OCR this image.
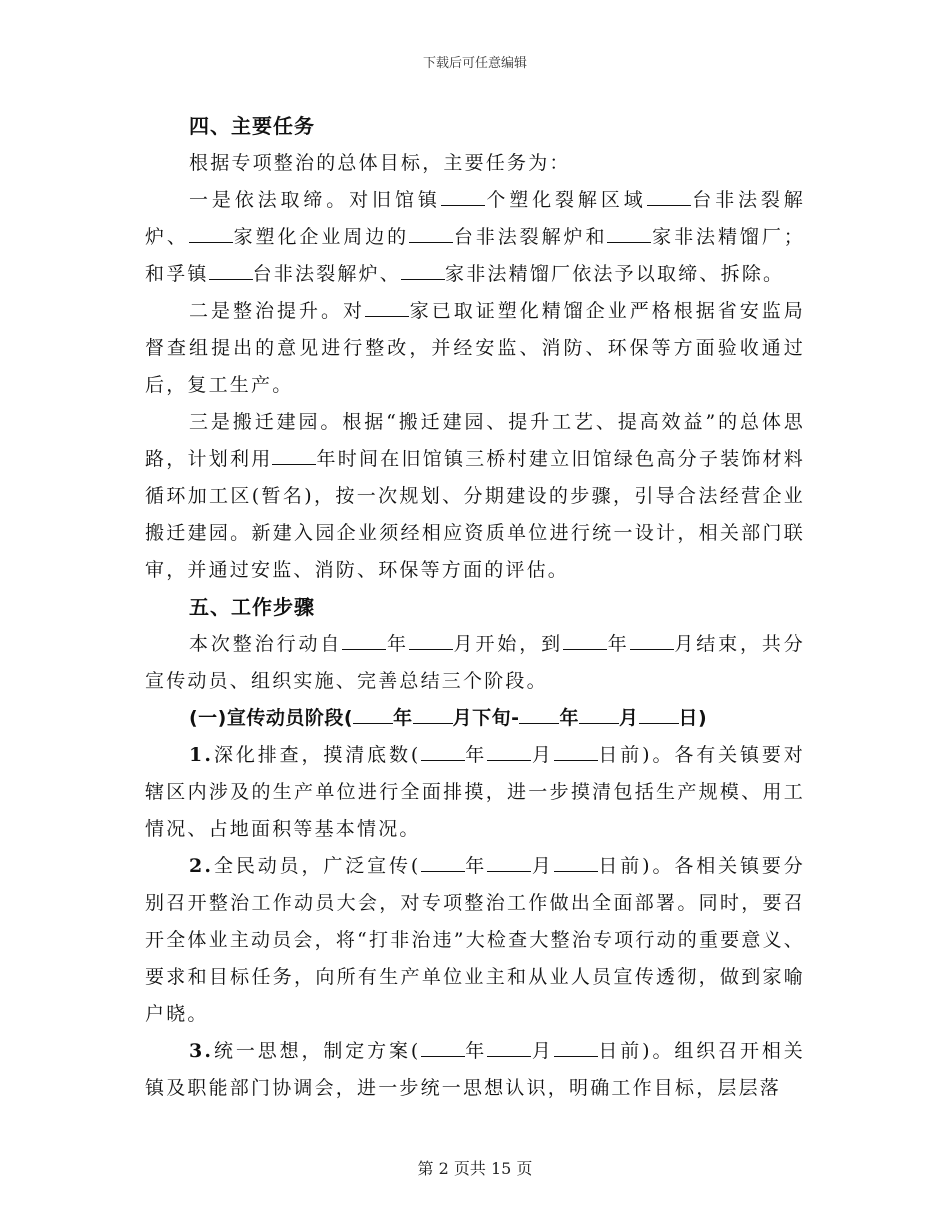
下载后可任意编辑

四、主要任务

根据专项整治的总体目标，主要任务为：

一是依法取缔。对旧馆镇 个塑化裂解区域 台非法裂解炉、 家塑化企业周边的 台非法裂解炉和 家非法精馏厂；和孚镇 台非法裂解炉、 家非法精馏厂依法予以取缔、拆除。

二是整治提升。对 家已取证塑化精馏企业严格根据省安监局督查组提出的意见进行整改，并经安监、消防、环保等方面验收通过后，复工生产。

三是搬迁建园。根据“搬迁建园、提升工艺、提高效益”的总体思路，计划利用 年时间在旧馆镇三桥村建立旧馆绿色高分子装饰材料循环加工区(暂名)，按一次规划、分期建设的步骤，引导合法经营企业搬迁建园。新建入园企业须经相应资质单位进行统一设计，相关部门联审，并通过安监、消防、环保等方面的评估。

五、工作步骤

本次整治行动自 年 月开始，到 年 月结束，共分宣传动员、组织实施、完善总结三个阶段。

(一)宣传动员阶段( 年 月下旬- 年 月 日)

1.深化排查，摸清底数( 年 月 日前)。各有关镇要对辖区内涉及的生产单位进行全面排摸，进一步摸清包括生产规模、用工情况、占地面积等基本情况。

2.全民动员，广泛宣传( 年 月 日前)。各相关镇要分别召开整治工作动员大会，对专项整治工作做出全面部署。同时，要召开全体业主动员会，将“打非治违”大检查大整治专项行动的重要意义、要求和目标任务，向所有生产单位业主和从业人员宣传透彻，做到家喻户晓。

3.统一思想，制定方案( 年 月 日前)。组织召开相关镇及职能部门协调会，进一步统一思想认识，明确工作目标，层层落

第 2 页共 15 页
